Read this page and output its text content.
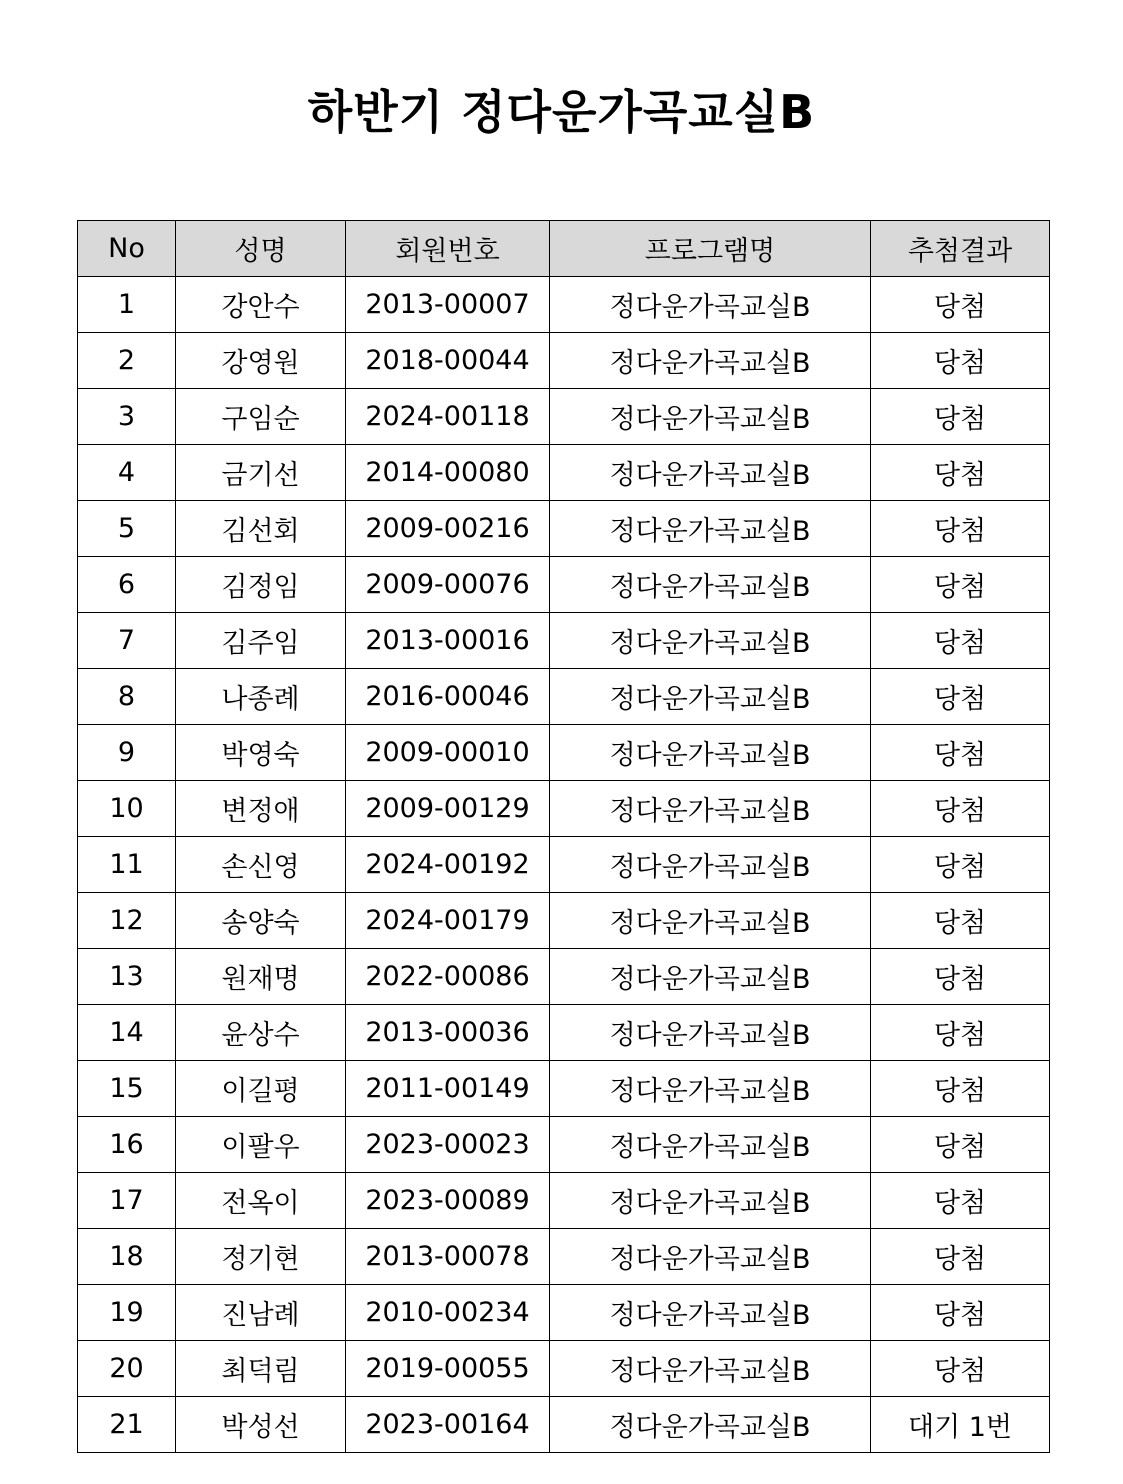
하반기 정다운가곡교실B
No	성명	회원번호	프로그램명	추첨결과
1	강안수	2013-00007	정다운가곡교실B	당첨
2	강영원	2018-00044	정다운가곡교실B	당첨
3	구임순	2024-00118	정다운가곡교실B	당첨
4	금기선	2014-00080	정다운가곡교실B	당첨
5	김선회	2009-00216	정다운가곡교실B	당첨
6	김정임	2009-00076	정다운가곡교실B	당첨
7	김주임	2013-00016	정다운가곡교실B	당첨
8	나종례	2016-00046	정다운가곡교실B	당첨
9	박영숙	2009-00010	정다운가곡교실B	당첨
10	변정애	2009-00129	정다운가곡교실B	당첨
11	손신영	2024-00192	정다운가곡교실B	당첨
12	송양숙	2024-00179	정다운가곡교실B	당첨
13	원재명	2022-00086	정다운가곡교실B	당첨
14	윤상수	2013-00036	정다운가곡교실B	당첨
15	이길평	2011-00149	정다운가곡교실B	당첨
16	이팔우	2023-00023	정다운가곡교실B	당첨
17	전옥이	2023-00089	정다운가곡교실B	당첨
18	정기현	2013-00078	정다운가곡교실B	당첨
19	진남례	2010-00234	정다운가곡교실B	당첨
20	최덕림	2019-00055	정다운가곡교실B	당첨
21	박성선	2023-00164	정다운가곡교실B	대기 1번
